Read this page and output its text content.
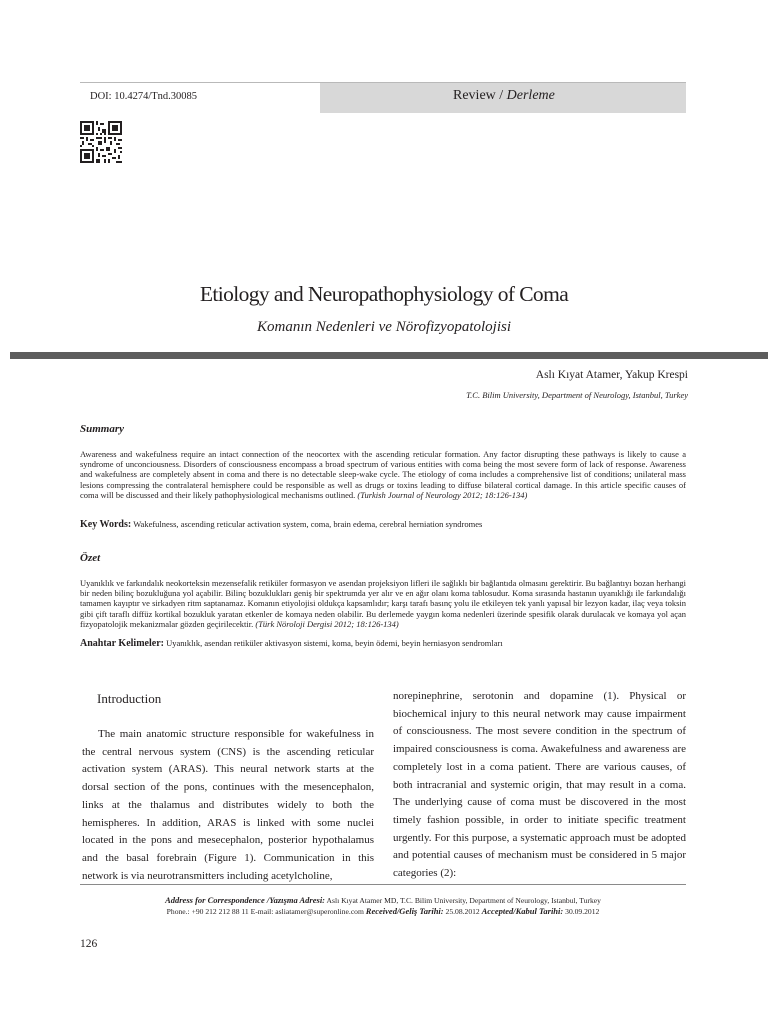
DOI: 10.4274/Tnd.30085	Review / Derleme
Etiology and Neuropathophysiology of Coma
Komanın Nedenleri ve Nörofizyopatolojisi
Aslı Kıyat Atamer, Yakup Krespi
T.C. Bilim University, Department of Neurology, Istanbul, Turkey
Summary
Awareness and wakefulness require an intact connection of the neocortex with the ascending reticular formation. Any factor disrupting these pathways is likely to cause a syndrome of unconciousness. Disorders of consciousness encompass a broad spectrum of various entities with coma being the most severe form of lack of response. Awareness and wakefulness are completely absent in coma and there is no detectable sleep-wake cycle. The etiology of coma includes a comprehensive list of conditions; unilateral mass lesions compressing the contralateral hemisphere could be responsible as well as drugs or toxins leading to diffuse bilateral cortical damage. In this article specific causes of coma will be discussed and their likely pathophysiological mechanisms outlined. (Turkish Journal of Neurology 2012; 18:126-134)
Key Words: Wakefulness, ascending reticular activation system, coma, brain edema, cerebral herniation syndromes
Özet
Uyanıklık ve farkındalık neokorteksin mezensefalik retiküler formasyon ve asendan projeksiyon lifleri ile sağlıklı bir bağlantıda olmasını gerektirir. Bu bağlantıyı bozan herhangi bir neden bilinç bozukluğuna yol açabilir. Bilinç bozuklukları geniş bir spektrumda yer alır ve en ağır olanı koma tablosudur. Koma sırasında hastanın uyanıklığı ile farkındalığı tamamen kayıptır ve sirkadyen ritm saptanamaz. Komanın etiyolojisi oldukça kapsamlıdır; karşı tarafı basınç yolu ile etkileyen tek yanlı yapısal bir lezyon kadar, ilaç veya toksin gibi çift taraflı diffüz kortikal bozukluk yaratan etkenler de komaya neden olabilir. Bu derlemede yaygın koma nedenleri üzerinde spesifik olarak durulacak ve komaya yol açan fizyopatolojik mekanizmalar gözden geçirilecektir. (Türk Nöroloji Dergisi 2012; 18:126-134)
Anahtar Kelimeler: Uyanıklık, asendan retiküler aktivasyon sistemi, koma, beyin ödemi, beyin herniasyon sendromları
Introduction

The main anatomic structure responsible for wakefulness in the central nervous system (CNS) is the ascending reticular activation system (ARAS). This neural network starts at the dorsal section of the pons, continues with the mesencephalon, links at the thalamus and distributes widely to both the hemispheres. In addition, ARAS is linked with some nuclei located in the pons and mesecephalon, posterior hypothalamus and the basal forebrain (Figure 1). Communication in this network is via neurotransmitters including acetylcholine,

norepinephrine, serotonin and dopamine (1). Physical or biochemical injury to this neural network may cause impairment of consciousness. The most severe condition in the spectrum of impaired consciousness is coma. Awakefulness and awareness are completely lost in a coma patient. There are various causes, of both intracranial and systemic origin, that may result in a coma. The underlying cause of coma must be discovered in the most timely fashion possible, in order to initiate specific treatment urgently. For this purpose, a systematic approach must be adopted and potential causes of mechanism must be considered in 5 major categories (2):

Address for Correspondence /Yazışma Adresi: Aslı Kıyat Atamer MD, T.C. Bilim University, Department of Neurology, Istanbul, Turkey
Phone.: +90 212 212 88 11 E-mail: asliatamer@superonline.com Received/Geliş Tarihi: 25.08.2012 Accepted/Kabul Tarihi: 30.09.2012
126
